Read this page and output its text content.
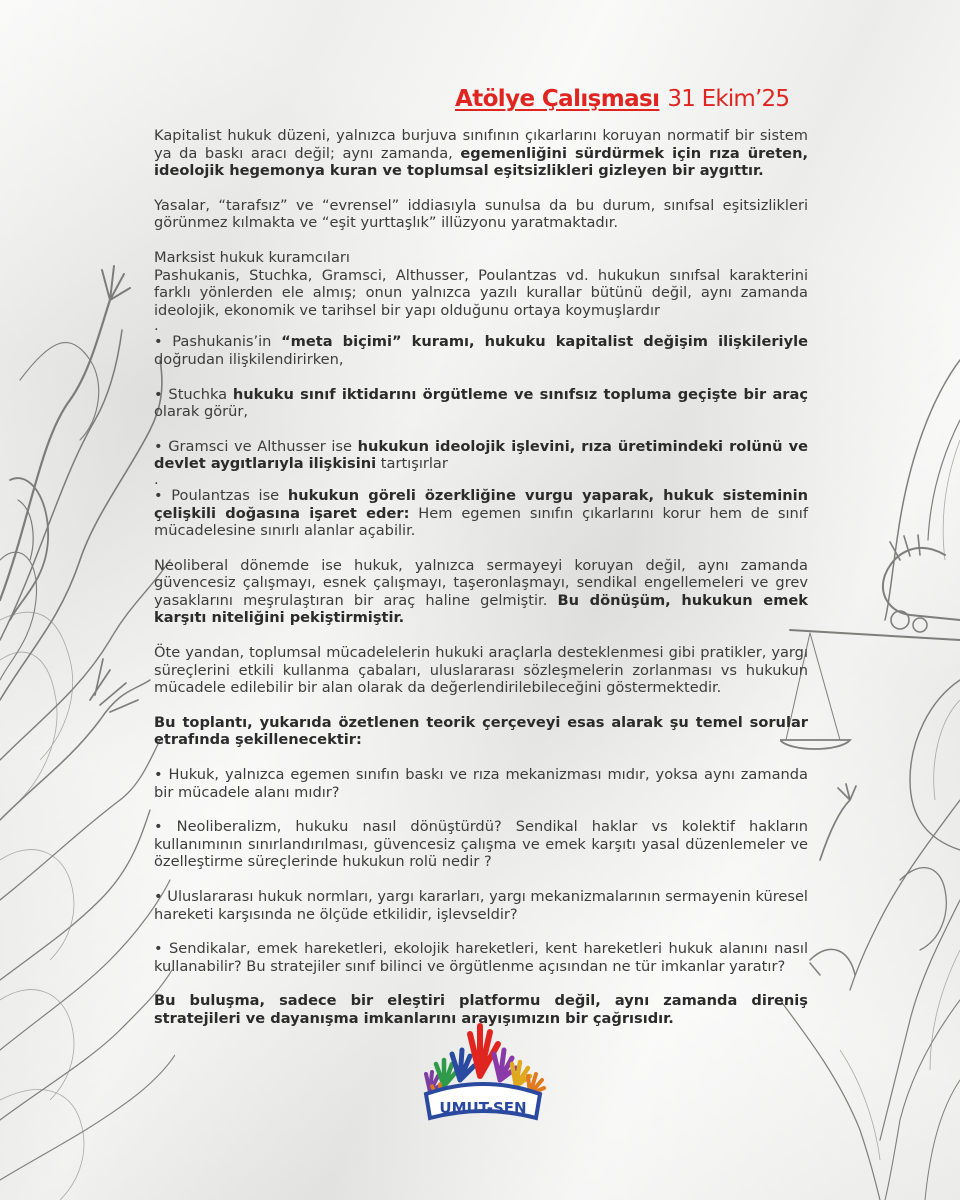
Atölye Çalışması 31 Ekim’25

Kapitalist hukuk düzeni, yalnızca burjuva sınıfının çıkarlarını koruyan normatif bir sistem ya da baskı aracı değil; aynı zamanda, egemenliğini sürdürmek için rıza üreten, ideolojik hegemonya kuran ve toplumsal eşitsizlikleri gizleyen bir aygıttır.

Yasalar, “tarafsız” ve “evrensel” iddiasıyla sunulsa da bu durum, sınıfsal eşitsizlikleri görünmez kılmakta ve “eşit yurttaşlık” illüzyonu yaratmaktadır.

Marksist hukuk kuramcıları

Pashukanis, Stuchka, Gramsci, Althusser, Poulantzas vd. hukukun sınıfsal karakterini farklı yönlerden ele almış; onun yalnızca yazılı kurallar bütünü değil, aynı zamanda ideolojik, ekonomik ve tarihsel bir yapı olduğunu ortaya koymuşlardır

.

• Pashukanis’in “meta biçimi” kuramı, hukuku kapitalist değişim ilişkileriyle doğrudan ilişkilendirirken,

• Stuchka hukuku sınıf iktidarını örgütleme ve sınıfsız topluma geçişte bir araç olarak görür,

• Gramsci ve Althusser ise hukukun ideolojik işlevini, rıza üretimindeki rolünü ve devlet aygıtlarıyla ilişkisini tartışırlar

.

• Poulantzas ise hukukun göreli özerkliğine vurgu yaparak, hukuk sisteminin çelişkili doğasına işaret eder: Hem egemen sınıfın çıkarlarını korur hem de sınıf mücadelesine sınırlı alanlar açabilir.

Neoliberal dönemde ise hukuk, yalnızca sermayeyi koruyan değil, aynı zamanda güvencesiz çalışmayı, esnek çalışmayı, taşeronlaşmayı, sendikal engellemeleri ve grev yasaklarını meşrulaştıran bir araç haline gelmiştir. Bu dönüşüm, hukukun emek karşıtı niteliğini pekiştirmiştir.

Öte yandan, toplumsal mücadelelerin hukuki araçlarla desteklenmesi gibi pratikler, yargı süreçlerini etkili kullanma çabaları, uluslararası sözleşmelerin zorlanması vs hukukun mücadele edilebilir bir alan olarak da değerlendirilebileceğini göstermektedir.

Bu toplantı, yukarıda özetlenen teorik çerçeveyi esas alarak şu temel sorular etrafında şekillenecektir:

• Hukuk, yalnızca egemen sınıfın baskı ve rıza mekanizması mıdır, yoksa aynı zamanda bir mücadele alanı mıdır?

• Neoliberalizm, hukuku nasıl dönüştürdü? Sendikal haklar vs kolektif hakların kullanımının sınırlandırılması, güvencesiz çalışma ve emek karşıtı yasal düzenlemeler ve özelleştirme süreçlerinde hukukun rolü nedir ?

• Uluslararası hukuk normları, yargı kararları, yargı mekanizmalarının sermayenin küresel hareketi karşısında ne ölçüde etkilidir, işlevseldir?

• Sendikalar, emek hareketleri, ekolojik hareketleri, kent hareketleri hukuk alanını nasıl kullanabilir? Bu stratejiler sınıf bilinci ve örgütlenme açısından ne tür imkanlar yaratır?

Bu buluşma, sadece bir eleştiri platformu değil, aynı zamanda direniş stratejileri ve dayanışma imkanlarını arayışımızın bir çağrısıdır.

UMUT-SEN
